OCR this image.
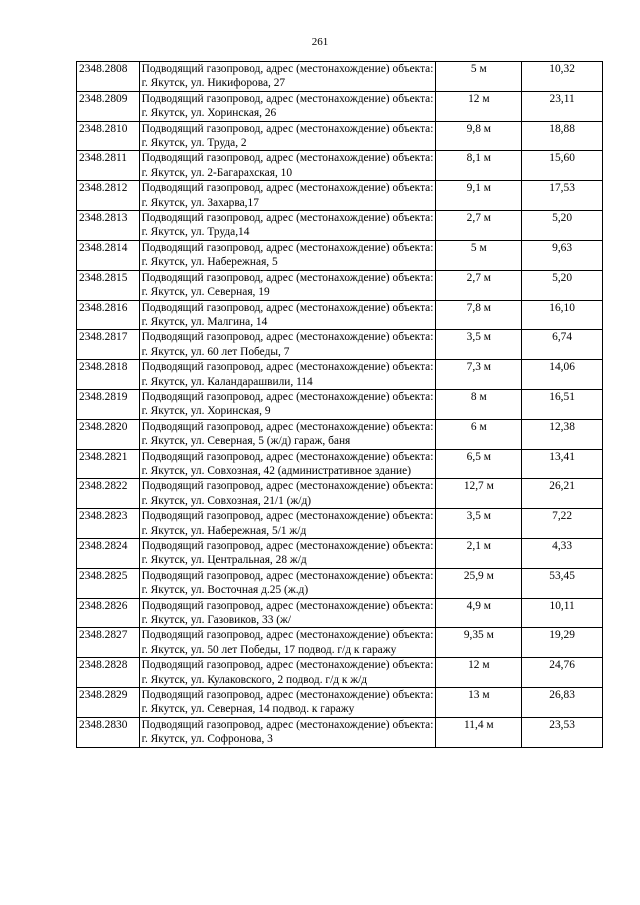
261
2348.2808	Подводящий газопровод, адрес (местонахождение) объекта: г. Якутск, ул. Никифорова, 27	5 м	10,32
2348.2809	Подводящий газопровод, адрес (местонахождение) объекта: г. Якутск, ул. Хоринская, 26	12 м	23,11
2348.2810	Подводящий газопровод, адрес (местонахождение) объекта: г. Якутск, ул. Труда, 2	9,8 м	18,88
2348.2811	Подводящий газопровод, адрес (местонахождение) объекта: г. Якутск, ул. 2-Багарахская, 10	8,1 м	15,60
2348.2812	Подводящий газопровод, адрес (местонахождение) объекта: г. Якутск, ул. Захарва,17	9,1 м	17,53
2348.2813	Подводящий газопровод, адрес (местонахождение) объекта: г. Якутск, ул. Труда,14	2,7 м	5,20
2348.2814	Подводящий газопровод, адрес (местонахождение) объекта: г. Якутск, ул. Набережная, 5	5 м	9,63
2348.2815	Подводящий газопровод, адрес (местонахождение) объекта: г. Якутск, ул. Северная, 19	2,7 м	5,20
2348.2816	Подводящий газопровод, адрес (местонахождение) объекта: г. Якутск, ул. Малгина, 14	7,8 м	16,10
2348.2817	Подводящий газопровод, адрес (местонахождение) объекта: г. Якутск, ул. 60 лет Победы, 7	3,5 м	6,74
2348.2818	Подводящий газопровод, адрес (местонахождение) объекта: г. Якутск, ул. Каландарашвили, 114	7,3 м	14,06
2348.2819	Подводящий газопровод, адрес (местонахождение) объекта: г. Якутск, ул. Хоринская, 9	8 м	16,51
2348.2820	Подводящий газопровод, адрес (местонахождение) объекта: г. Якутск, ул. Северная, 5 (ж/д) гараж, баня	6 м	12,38
2348.2821	Подводящий газопровод, адрес (местонахождение) объекта: г. Якутск, ул. Совхозная, 42 (административное здание)	6,5 м	13,41
2348.2822	Подводящий газопровод, адрес (местонахождение) объекта: г. Якутск, ул. Совхозная, 21/1 (ж/д)	12,7 м	26,21
2348.2823	Подводящий газопровод, адрес (местонахождение) объекта: г. Якутск, ул. Набережная, 5/1 ж/д	3,5 м	7,22
2348.2824	Подводящий газопровод, адрес (местонахождение) объекта: г. Якутск, ул. Центральная, 28 ж/д	2,1 м	4,33
2348.2825	Подводящий газопровод, адрес (местонахождение) объекта: г. Якутск, ул. Восточная д.25 (ж.д)	25,9 м	53,45
2348.2826	Подводящий газопровод, адрес (местонахождение) объекта: г. Якутск, ул. Газовиков, 33 (ж/	4,9 м	10,11
2348.2827	Подводящий газопровод, адрес (местонахождение) объекта: г. Якутск, ул. 50 лет Победы, 17 подвод. г/д к гаражу	9,35 м	19,29
2348.2828	Подводящий газопровод, адрес (местонахождение) объекта: г. Якутск, ул. Кулаковского, 2 подвод. г/д к ж/д	12 м	24,76
2348.2829	Подводящий газопровод, адрес (местонахождение) объекта: г. Якутск, ул. Северная, 14 подвод. к гаражу	13 м	26,83
2348.2830	Подводящий газопровод, адрес (местонахождение) объекта: г. Якутск, ул. Софронова, 3	11,4 м	23,53
